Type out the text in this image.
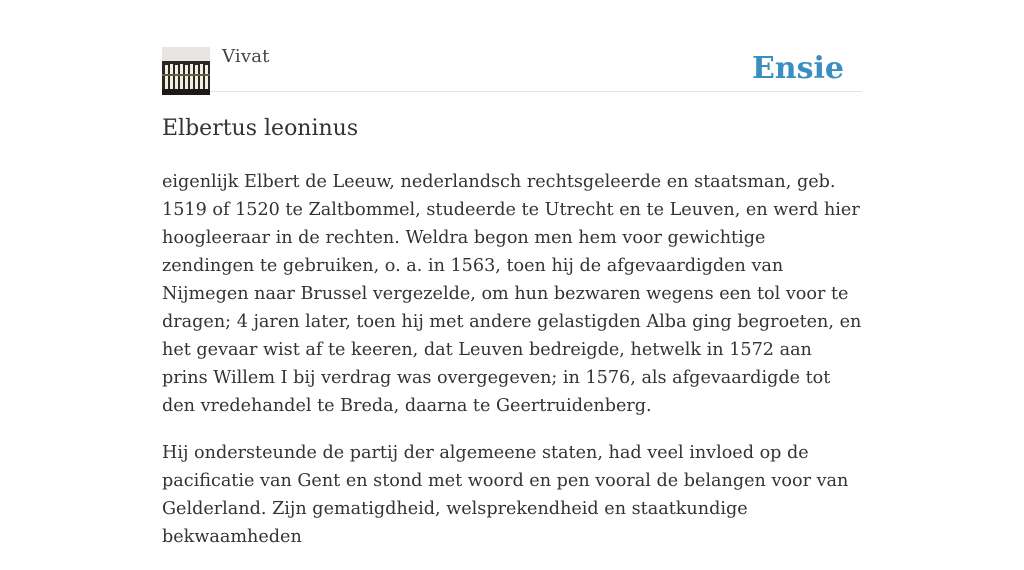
Vivat	Ensie
Elbertus leoninus

eigenlijk Elbert de Leeuw, nederlandsch rechtsgeleerde en staatsman, geb. 1519 of 1520 te Zaltbommel, studeerde te Utrecht en te Leuven, en werd hier hoogleeraar in de rechten. Weldra begon men hem voor gewichtige zendingen te gebruiken, o. a. in 1563, toen hij de afgevaardigden van Nijmegen naar Brussel vergezelde, om hun bezwaren wegens een tol voor te dragen; 4 jaren later, toen hij met andere gelastigden Alba ging begroeten, en het gevaar wist af te keeren, dat Leuven bedreigde, hetwelk in 1572 aan prins Willem I bij verdrag was overgegeven; in 1576, als afgevaardigde tot den vredehandel te Breda, daarna te Geertruidenberg.

Hij ondersteunde de partij der algemeene staten, had veel invloed op de pacificatie van Gent en stond met woord en pen vooral de belangen voor van Gelderland. Zijn gematigdheid, welsprekendheid en staatkundige bekwaamheden
